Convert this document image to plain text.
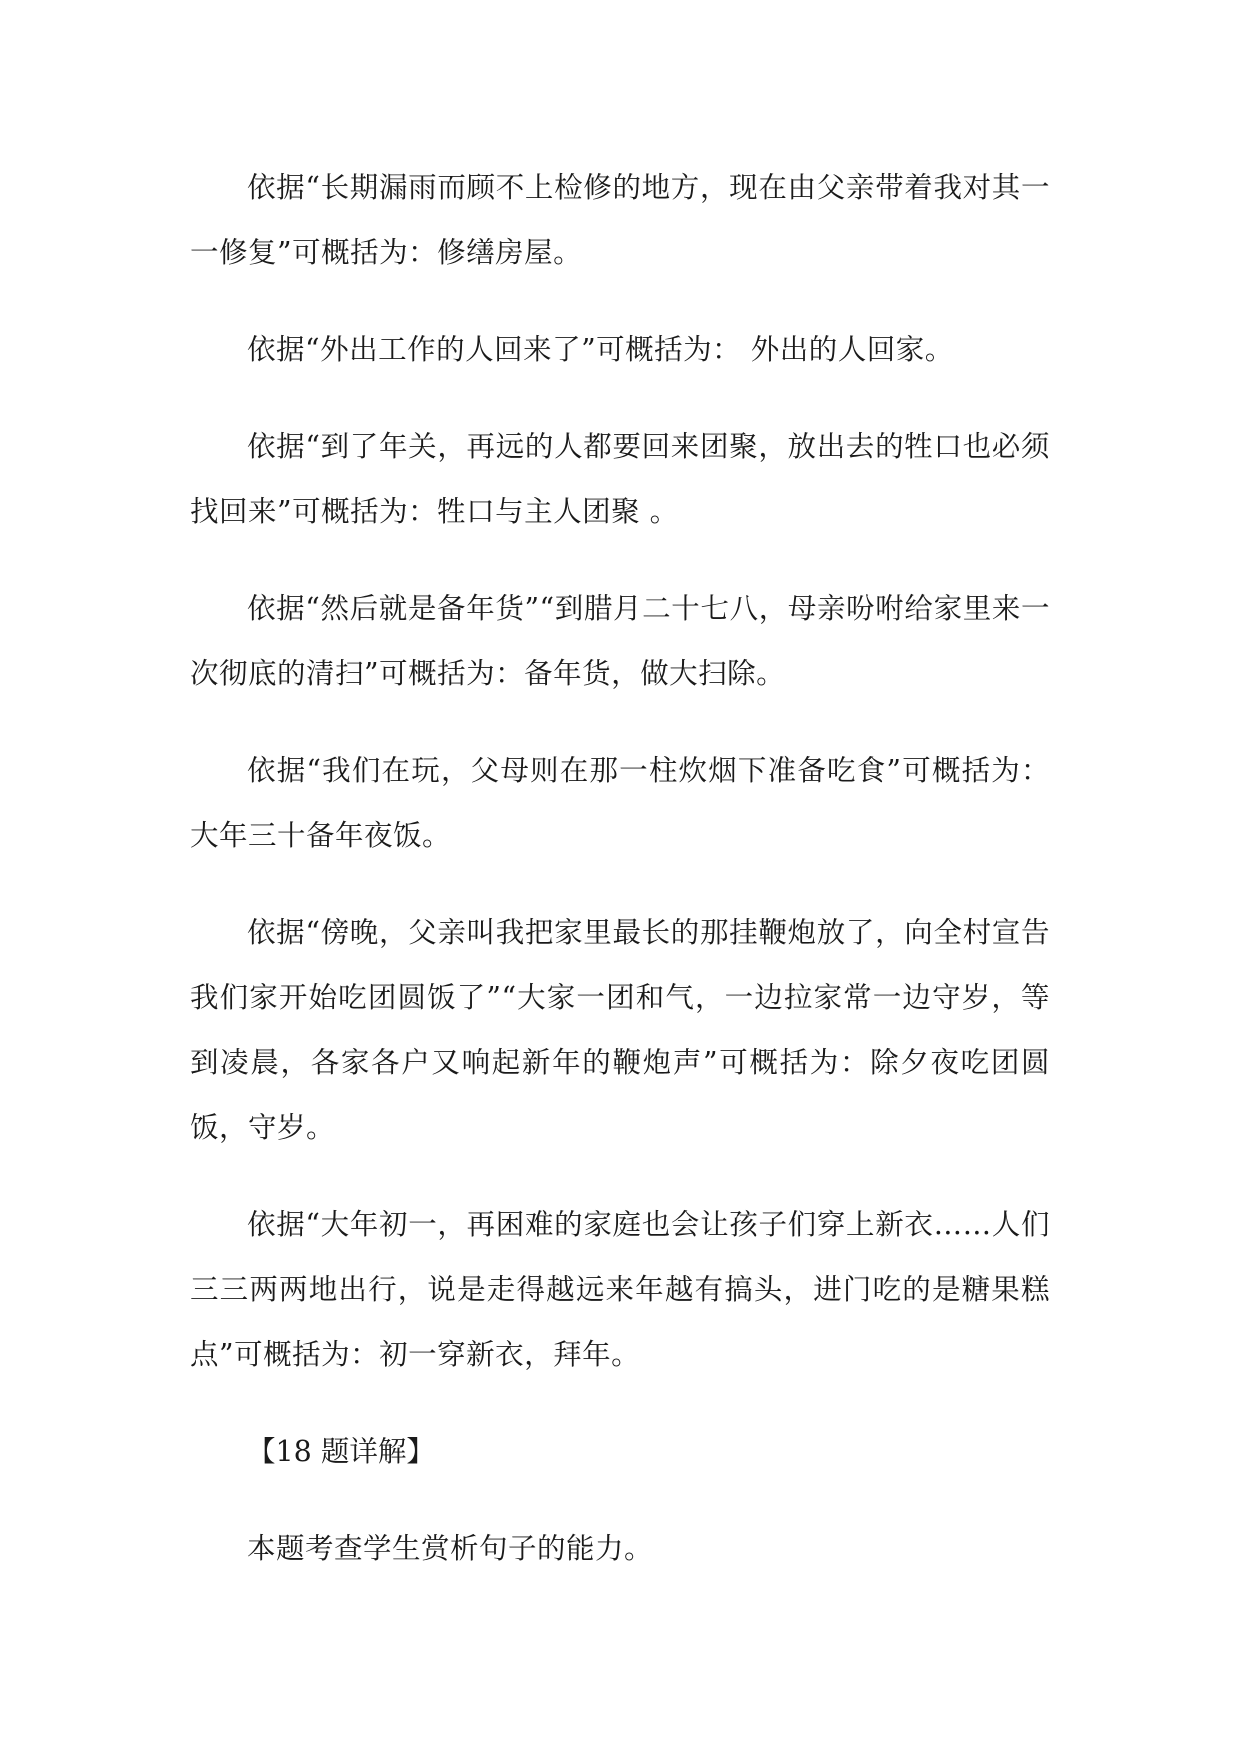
依据“长期漏雨而顾不上检修的地方，现在由父亲带着我对其一一修复”可概括为：修缮房屋。

依据“外出工作的人回来了”可概括为： 外出的人回家。

依据“到了年关，再远的人都要回来团聚，放出去的牲口也必须找回来”可概括为：牲口与主人团聚 。

依据“然后就是备年货”“到腊月二十七八，母亲吩咐给家里来一次彻底的清扫”可概括为：备年货，做大扫除。

依据“我们在玩，父母则在那一柱炊烟下准备吃食”可概括为：大年三十备年夜饭。

依据“傍晚，父亲叫我把家里最长的那挂鞭炮放了，向全村宣告我们家开始吃团圆饭了”“大家一团和气，一边拉家常一边守岁，等到凌晨，各家各户又响起新年的鞭炮声”可概括为：除夕夜吃团圆饭，守岁。

依据“大年初一，再困难的家庭也会让孩子们穿上新衣……人们三三两两地出行，说是走得越远来年越有搞头，进门吃的是糖果糕点”可概括为：初一穿新衣，拜年。

【18 题详解】

本题考查学生赏析句子的能力。
